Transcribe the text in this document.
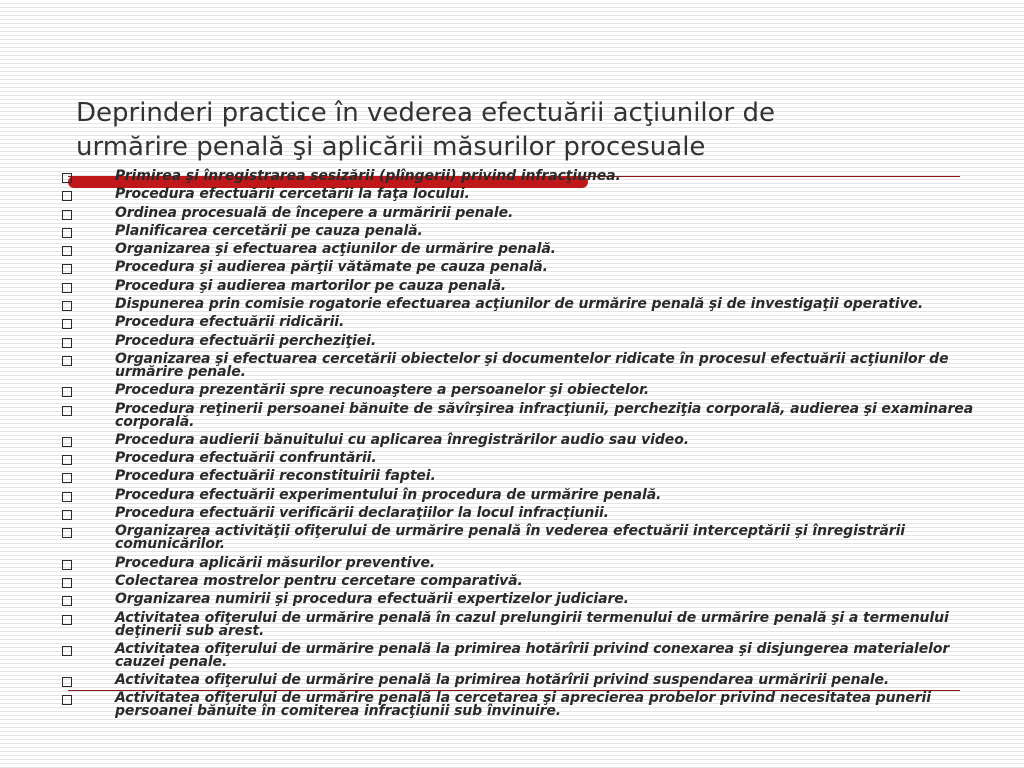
Deprinderi practice în vederea efectuării acţiunilor de
urmărire penală şi aplicării măsurilor procesuale
Primirea şi înregistrarea sesizării (plîngerii) privind infracţiunea.
Procedura efectuării cercetării la faţa locului.
Ordinea procesuală de începere a urmăririi penale.
Planificarea cercetării pe cauza penală.
Organizarea şi efectuarea acţiunilor de urmărire penală.
Procedura şi audierea părţii vătămate pe cauza penală.
Procedura şi audierea martorilor pe cauza penală.
Dispunerea prin comisie rogatorie efectuarea acţiunilor de urmărire penală şi de investigaţii operative.
Procedura efectuării ridicării.
Procedura efectuării percheziţiei.
Organizarea şi efectuarea cercetării obiectelor şi documentelor ridicate în procesul efectuării acţiunilor de urmărire penale.
Procedura prezentării spre recunoaştere a persoanelor şi obiectelor.
Procedura reţinerii persoanei bănuite de săvîrşirea infracţiunii, percheziţia corporală, audierea şi examinarea corporală.
Procedura audierii bănuitului cu aplicarea înregistrărilor audio sau video.
Procedura efectuării confruntării.
Procedura efectuării reconstituirii faptei.
Procedura efectuării experimentului în procedura de urmărire penală.
Procedura efectuării verificării declaraţiilor la locul infracţiunii.
Organizarea activităţii ofiţerului de urmărire penală în vederea efectuării interceptării şi înregistrării comunicărilor.
Procedura aplicării măsurilor preventive.
Colectarea mostrelor pentru cercetare comparativă.
Organizarea numirii şi procedura efectuării expertizelor judiciare.
Activitatea ofiţerului de urmărire penală în cazul prelungirii termenului de urmărire penală şi a termenului deţinerii sub arest.
Activitatea ofiţerului de urmărire penală la primirea hotărîrii privind conexarea şi disjungerea materialelor cauzei penale.
Activitatea ofiţerului de urmărire penală la primirea hotărîrii privind suspendarea urmăririi penale.
Activitatea ofiţerului de urmărire penală la cercetarea şi aprecierea probelor privind necesitatea punerii persoanei bănuite în comiterea infracţiunii sub învinuire.
